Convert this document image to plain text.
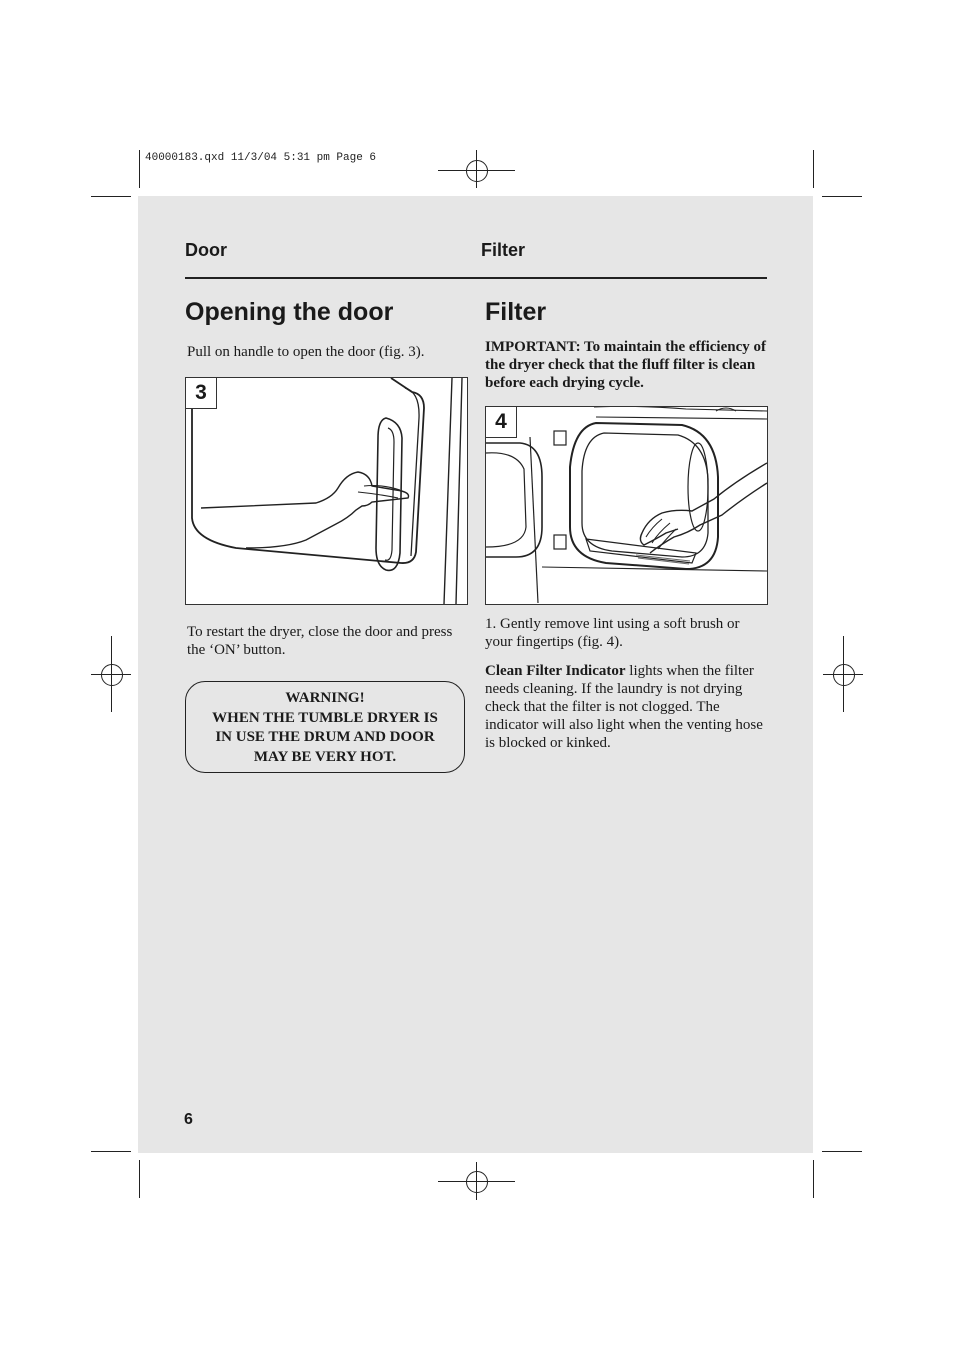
40000183.qxd 11/3/04 5:31 pm Page 6
Door	Filter
Opening the door
Pull on handle to open the door (fig. 3).
3
To restart the dryer, close the door and press the ‘ON’ button.
WARNING!
WHEN THE TUMBLE DRYER IS
IN USE THE DRUM AND DOOR
MAY BE VERY HOT.
Filter
IMPORTANT: To maintain the efficiency of the dryer check that the fluff filter is clean before each drying cycle.
4
1. Gently remove lint using a soft brush or your fingertips (fig. 4).
Clean Filter Indicator lights when the filter needs cleaning. If the laundry is not drying check that the filter is not clogged. The indicator will also light when the venting hose is blocked or kinked.
6
